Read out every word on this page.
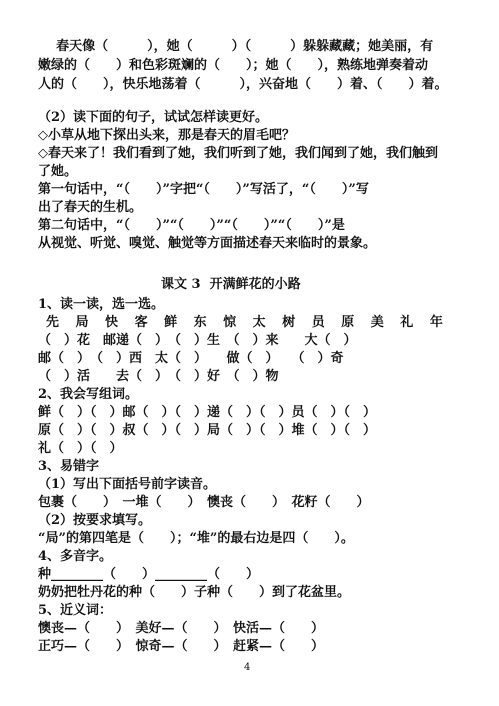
春天像（　　　），她（　　　）（　　　）躲躲藏藏；她美丽，有
嫩绿的（　　）和色彩斑斓的（　　）；她（　　），熟练地弹奏着动
人的（　　），快乐地荡着（　　　），兴奋地（　　）着、（　　）着。
（2）读下面的句子，试试怎样读更好。
◇小草从地下探出头来，那是春天的眉毛吧？
◇春天来了！我们看到了她，我们听到了她，我们闻到了她，我们触到
了她。
第一句话中，“（　　）”字把“（　　）”写活了，“（　　）”写
出了春天的生机。
第二句话中，“（　　）”“（　　）”“（　　）”“（　　）”是
从视觉、听觉、嗅觉、触觉等方面描述春天来临时的景象。
课文 3  开满鲜花的小路
1、读一读，选一选。
先 局 快 客 鲜 东 惊 太 树 员 原 美 礼 年
（　）花　邮递（　）　（　）生　（　）来　　大（　）
邮（　）　（　）西　太（　）　　做（　）　　（　）奇
（　）活　　去（　）　（　）好　（　）物
2、我会写组词。
鲜（　）（　）邮（　）（　）递（　）（　）员（　）（　）
原（　）（　）叔（　）（　）局（　）（　）堆（　）（　）
礼（　）（　）
3、易错字
（1）写出下面括号前字读音。
包裹（　　）　一堆（　　）　懊丧（　　）　花籽（　　）
（2）按要求填写。
“局”的第四笔是（　　）；“堆”的最右边是四（　　）。
4、多音字。
种________（　　）________（　　）
奶奶把牡丹花的种（　　）子种（　　）到了花盆里。
5、近义词：
懊丧—（　　）　美好—（　　）　快活—（　　）
正巧—（　　）　惊奇—（　　）　赶紧—（　　）
4
